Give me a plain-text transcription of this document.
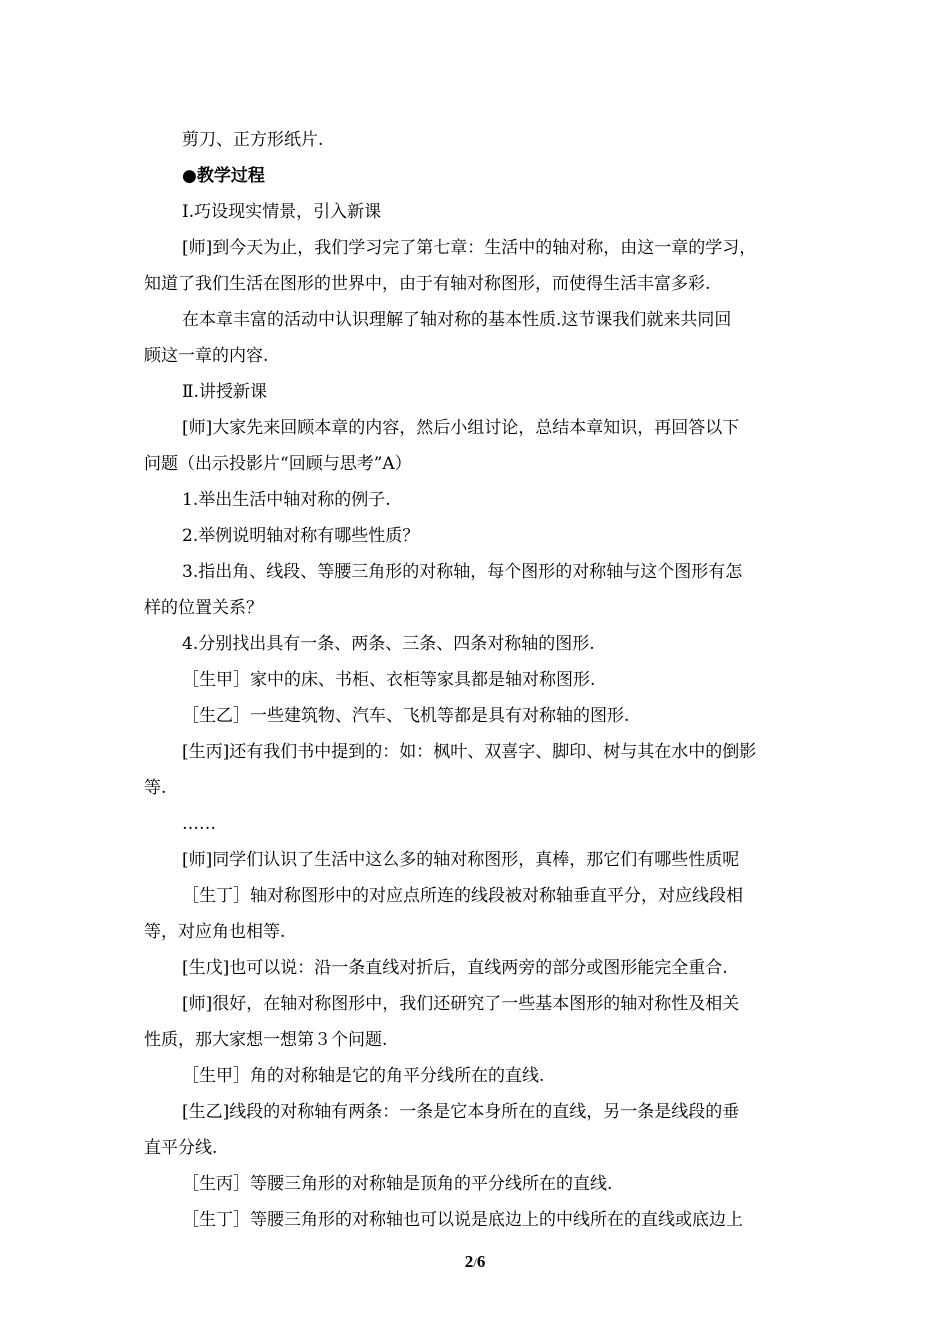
剪刀、正方形纸片.
●教学过程
Ⅰ.巧设现实情景，引入新课
[师]到今天为止，我们学习完了第七章：生活中的轴对称，由这一章的学习，
知道了我们生活在图形的世界中，由于有轴对称图形，而使得生活丰富多彩.
在本章丰富的活动中认识理解了轴对称的基本性质.这节课我们就来共同回
顾这一章的内容.
Ⅱ.讲授新课
[师]大家先来回顾本章的内容，然后小组讨论，总结本章知识，再回答以下
问题（出示投影片“回顾与思考”A）
1.举出生活中轴对称的例子.
2.举例说明轴对称有哪些性质？
3.指出角、线段、等腰三角形的对称轴，每个图形的对称轴与这个图形有怎
样的位置关系？
4.分别找出具有一条、两条、三条、四条对称轴的图形.
［生甲］家中的床、书柜、衣柜等家具都是轴对称图形.
［生乙］一些建筑物、汽车、飞机等都是具有对称轴的图形.
[生丙]还有我们书中提到的：如：枫叶、双喜字、脚印、树与其在水中的倒影
等.
……
[师]同学们认识了生活中这么多的轴对称图形，真棒，那它们有哪些性质呢
［生丁］轴对称图形中的对应点所连的线段被对称轴垂直平分，对应线段相
等，对应角也相等.
[生戊]也可以说：沿一条直线对折后，直线两旁的部分或图形能完全重合.
[师]很好，在轴对称图形中，我们还研究了一些基本图形的轴对称性及相关
性质，那大家想一想第３个问题.
［生甲］角的对称轴是它的角平分线所在的直线.
[生乙]线段的对称轴有两条：一条是它本身所在的直线，另一条是线段的垂
直平分线.
［生丙］等腰三角形的对称轴是顶角的平分线所在的直线.
［生丁］等腰三角形的对称轴也可以说是底边上的中线所在的直线或底边上
2/6
